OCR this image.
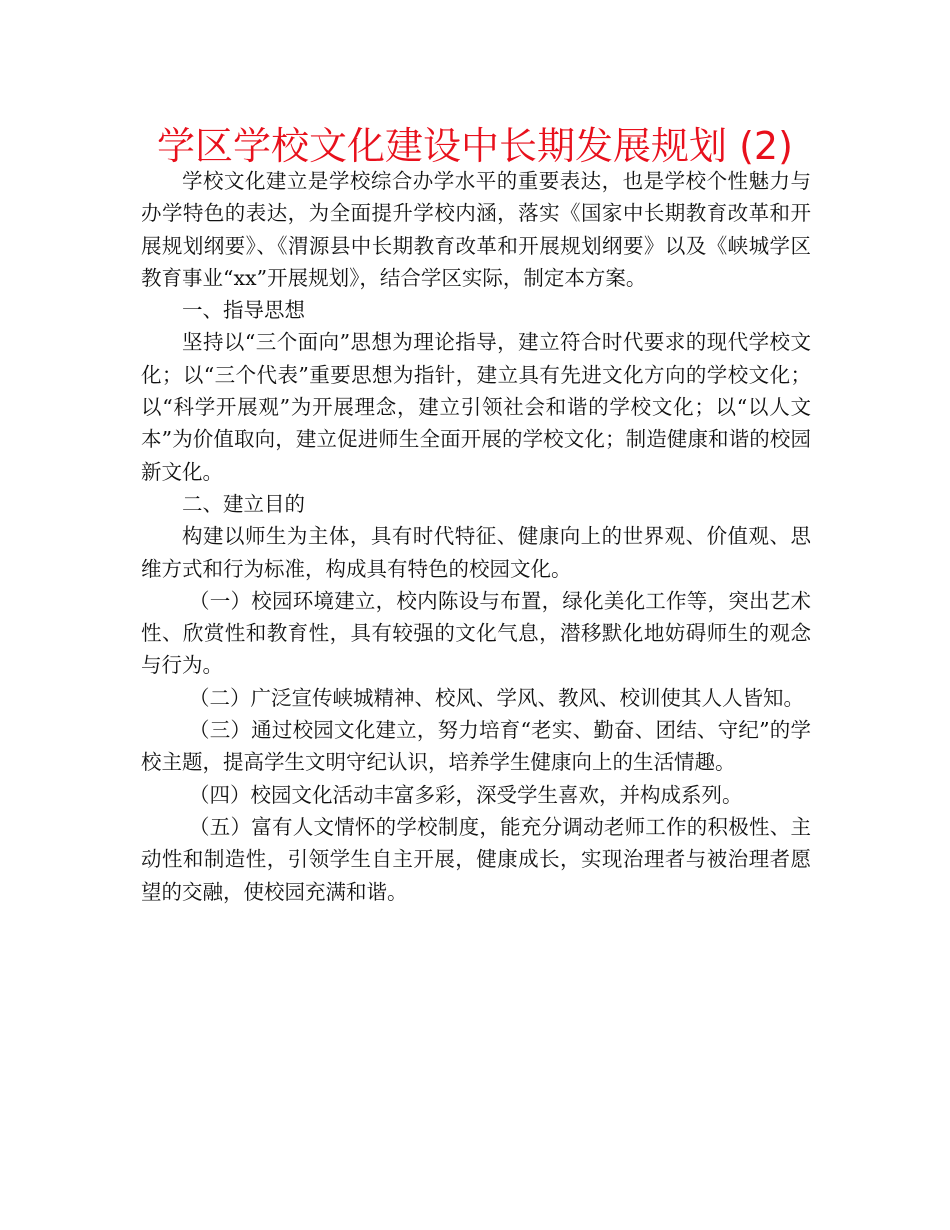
学区学校文化建设中长期发展规划 (2)

学校文化建立是学校综合办学水平的重要表达，也是学校个性魅力与办学特色的表达，为全面提升学校内涵，落实《国家中长期教育改革和开展规划纲要》、《渭源县中长期教育改革和开展规划纲要》以及《峡城学区教育事业“xx”开展规划》，结合学区实际，制定本方案。

一、指导思想

坚持以“三个面向”思想为理论指导，建立符合时代要求的现代学校文化；以“三个代表”重要思想为指针，建立具有先进文化方向的学校文化；以“科学开展观”为开展理念，建立引领社会和谐的学校文化；以“以人文本”为价值取向，建立促进师生全面开展的学校文化；制造健康和谐的校园新文化。

二、建立目的

构建以师生为主体，具有时代特征、健康向上的世界观、价值观、思维方式和行为标准，构成具有特色的校园文化。

（一）校园环境建立，校内陈设与布置，绿化美化工作等，突出艺术性、欣赏性和教育性，具有较强的文化气息，潜移默化地妨碍师生的观念与行为。

（二）广泛宣传峡城精神、校风、学风、教风、校训使其人人皆知。

（三）通过校园文化建立，努力培育“老实、勤奋、团结、守纪”的学校主题，提高学生文明守纪认识，培养学生健康向上的生活情趣。

（四）校园文化活动丰富多彩，深受学生喜欢，并构成系列。

（五）富有人文情怀的学校制度，能充分调动老师工作的积极性、主动性和制造性，引领学生自主开展，健康成长，实现治理者与被治理者愿望的交融，使校园充满和谐。
